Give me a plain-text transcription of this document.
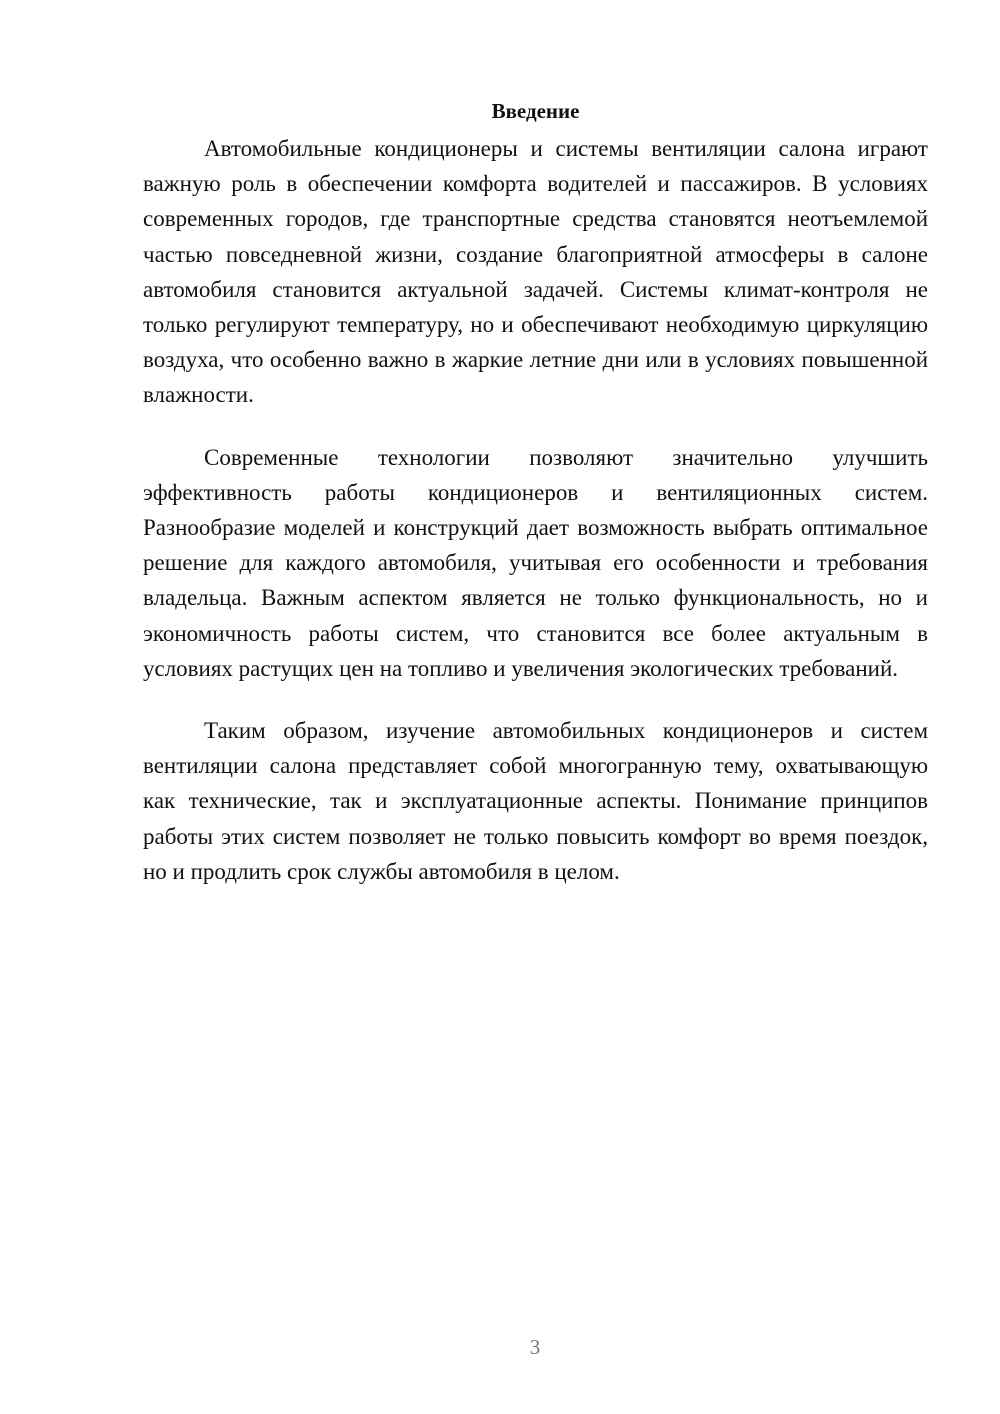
Введение

Автомобильные кондиционеры и системы вентиляции салона играют важную роль в обеспечении комфорта водителей и пассажиров. В условиях современных городов, где транспортные средства становятся неотъемлемой частью повседневной жизни, создание благоприятной атмосферы в салоне автомобиля становится актуальной задачей. Системы климат-контроля не только регулируют температуру, но и обеспечивают необходимую циркуляцию воздуха, что особенно важно в жаркие летние дни или в условиях повышенной влажности.

Современные технологии позволяют значительно улучшить эффективность работы кондиционеров и вентиляционных систем. Разнообразие моделей и конструкций дает возможность выбрать оптимальное решение для каждого автомобиля, учитывая его особенности и требования владельца. Важным аспектом является не только функциональность, но и экономичность работы систем, что становится все более актуальным в условиях растущих цен на топливо и увеличения экологических требований.

Таким образом, изучение автомобильных кондиционеров и систем вентиляции салона представляет собой многогранную тему, охватывающую как технические, так и эксплуатационные аспекты. Понимание принципов работы этих систем позволяет не только повысить комфорт во время поездок, но и продлить срок службы автомобиля в целом.

3
